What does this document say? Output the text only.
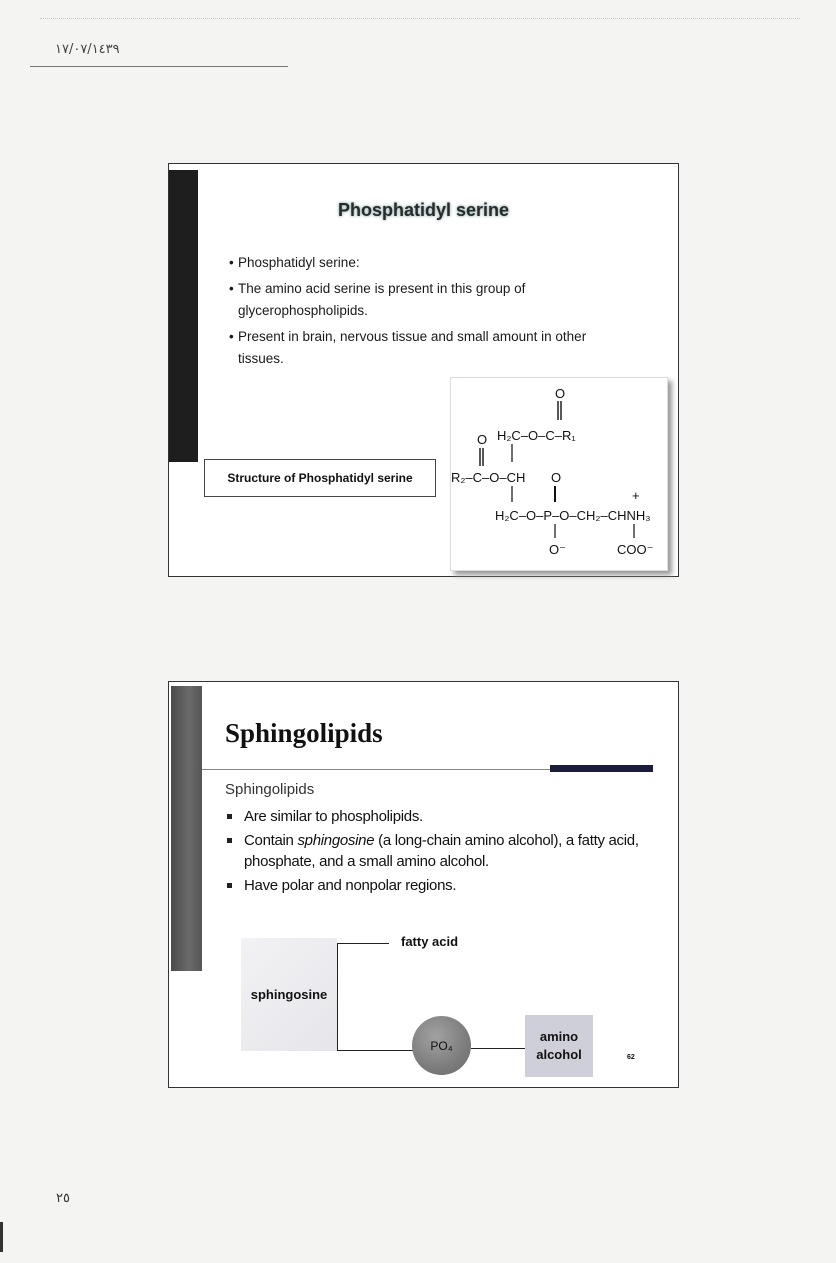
١٧/٠٧/١٤٣٩
Phosphatidyl serine
• Phosphatidyl serine:
• The amino acid serine is present in this group of glycerophospholipids.
• Present in brain, nervous tissue and small amount in other tissues.
Structure of Phosphatidyl serine
O
H₂C–O–C–R₁
O
R₂–C–O–CH O
+
H₂C–O–P–O–CH₂–CHNH₃
O⁻	COO⁻
Sphingolipids
Sphingolipids
Are similar to phospholipids.
Contain sphingosine (a long-chain amino alcohol), a fatty acid, phosphate, and a small amino alcohol.
Have polar and nonpolar regions.
sphingosine
fatty acid
PO₄
amino
alcohol	62
٢٥
